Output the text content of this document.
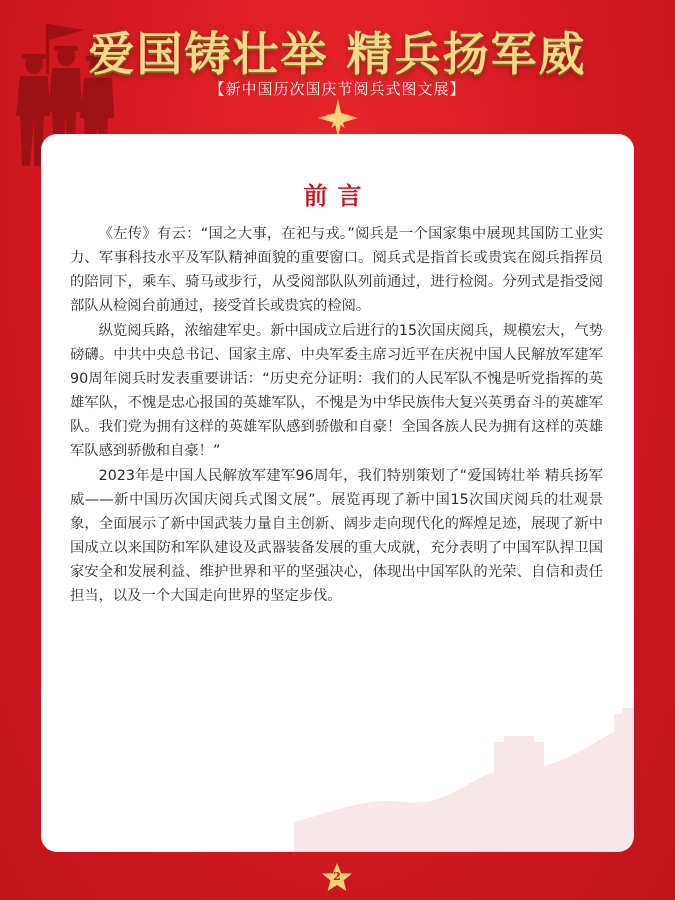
爱国铸壮举 精兵扬军威
【新中国历次国庆节阅兵式图文展】
前言

《左传》有云：“国之大事，在祀与戎。”阅兵是一个国家集中展现其国防工业实力、军事科技水平及军队精神面貌的重要窗口。阅兵式是指首长或贵宾在阅兵指挥员的陪同下，乘车、骑马或步行，从受阅部队队列前通过，进行检阅。分列式是指受阅部队从检阅台前通过，接受首长或贵宾的检阅。

纵览阅兵路，浓缩建军史。新中国成立后进行的15次国庆阅兵，规模宏大，气势磅礴。中共中央总书记、国家主席、中央军委主席习近平在庆祝中国人民解放军建军90周年阅兵时发表重要讲话：“历史充分证明：我们的人民军队不愧是听党指挥的英雄军队，不愧是忠心报国的英雄军队，不愧是为中华民族伟大复兴英勇奋斗的英雄军队。我们党为拥有这样的英雄军队感到骄傲和自豪！全国各族人民为拥有这样的英雄军队感到骄傲和自豪！”

2023年是中国人民解放军建军96周年，我们特别策划了“爱国铸壮举 精兵扬军威——新中国历次国庆阅兵式图文展”。展览再现了新中国15次国庆阅兵的壮观景象，全面展示了新中国武装力量自主创新、阔步走向现代化的辉煌足迹，展现了新中国成立以来国防和军队建设及武器装备发展的重大成就，充分表明了中国军队捍卫国家安全和发展利益、维护世界和平的坚强决心，体现出中国军队的光荣、自信和责任担当，以及一个大国走向世界的坚定步伐。

2
